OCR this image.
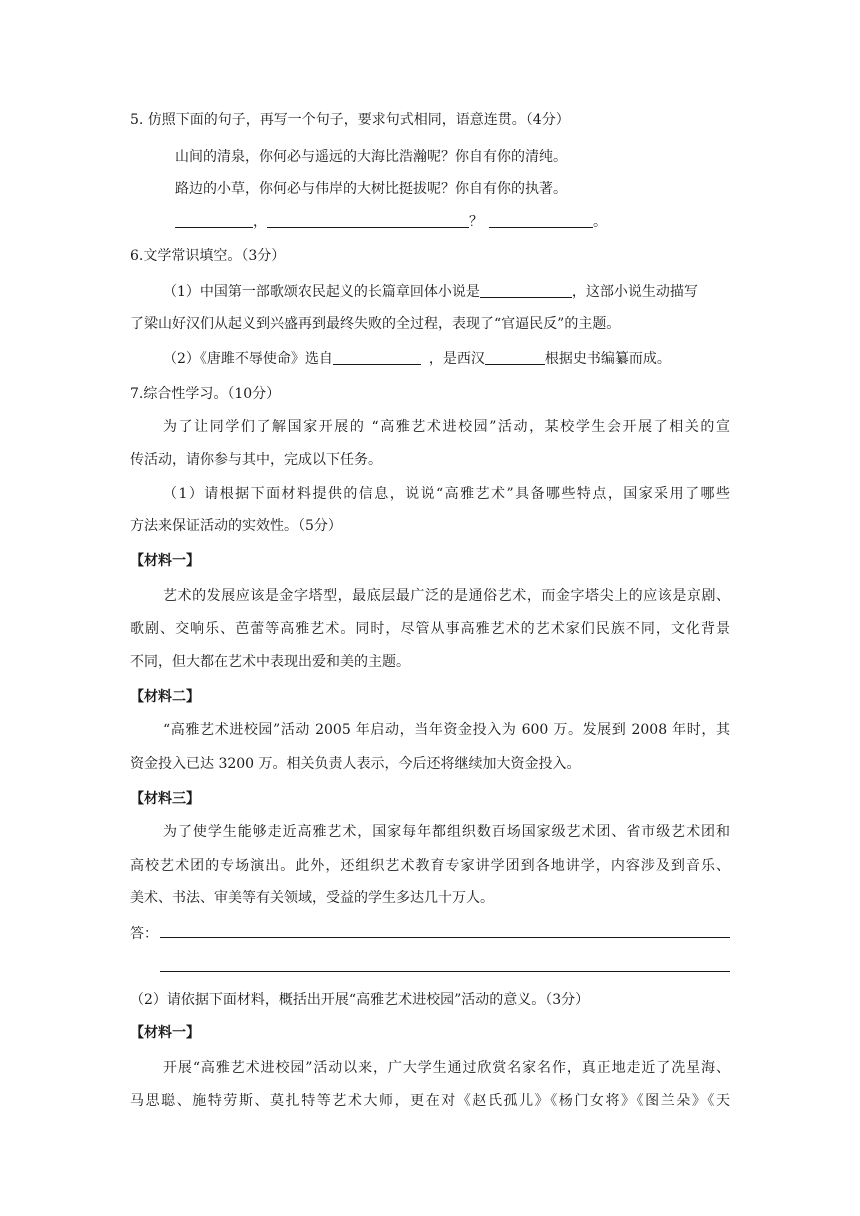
5. 仿照下面的句子，再写一个句子，要求句式相同，语意连贯。（4分）
山间的清泉，你何必与遥远的大海比浩瀚呢？你自有你的清纯。
路边的小草，你何必与伟岸的大树比挺拔呢？你自有你的执著。
，	？	。
6.文学常识填空。（3分）
（1）中国第一部歌颂农民起义的长篇章回体小说是	，这部小说生动描写
了梁山好汉们从起义到兴盛再到最终失败的全过程，表现了“官逼民反”的主题。
（2）《唐雎不辱使命》选自	，是西汉	根据史书编纂而成。
7.综合性学习。（10分）
为了让同学们了解国家开展的 “高雅艺术进校园”活动，某校学生会开展了相关的宣
传活动，请你参与其中，完成以下任务。
（1）请根据下面材料提供的信息，说说“高雅艺术”具备哪些特点，国家采用了哪些
方法来保证活动的实效性。（5分）
【材料一】
艺术的发展应该是金字塔型，最底层最广泛的是通俗艺术，而金字塔尖上的应该是京剧、
歌剧、交响乐、芭蕾等高雅艺术。同时，尽管从事高雅艺术的艺术家们民族不同，文化背景
不同，但大都在艺术中表现出爱和美的主题。
【材料二】
“高雅艺术进校园”活动 2005 年启动，当年资金投入为 600 万。发展到 2008 年时，其
资金投入已达 3200 万。相关负责人表示，今后还将继续加大资金投入。
【材料三】
为了使学生能够走近高雅艺术，国家每年都组织数百场国家级艺术团、省市级艺术团和
高校艺术团的专场演出。此外，还组织艺术教育专家讲学团到各地讲学，内容涉及到音乐、
美术、书法、审美等有关领域，受益的学生多达几十万人。
答：
（2）请依据下面材料，概括出开展“高雅艺术进校园”活动的意义。（3分）
【材料一】
开展“高雅艺术进校园”活动以来，广大学生通过欣赏名家名作，真正地走近了冼星海、
马思聪、施特劳斯、莫扎特等艺术大师，更在对《赵氏孤儿》《杨门女将》《图兰朵》《天
